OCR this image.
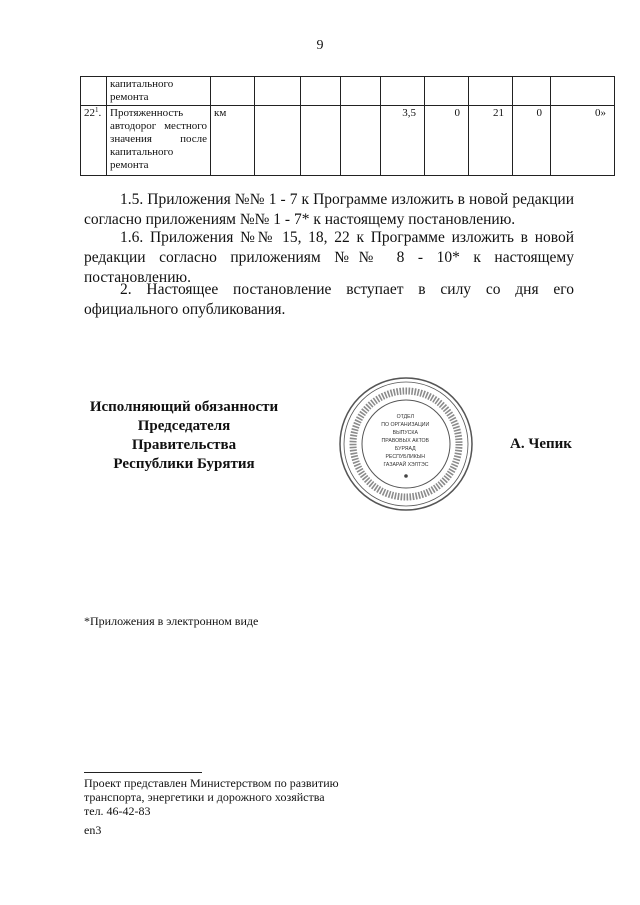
9
	капитального ремонта									
$22^1$.	Протяженность автодорог местного значения после капитального ремонта	км				3,5	0	21	0	0»
1.5. Приложения №№ 1 - 7 к Программе изложить в новой редакции согласно приложениям №№ 1 - 7* к настоящему постановлению.
1.6. Приложения №№ 15, 18, 22 к Программе изложить в новой редакции согласно приложениям №№ 8 - 10* к настоящему постановлению.
2. Настоящее постановление вступает в силу со дня его официального опубликования.
Исполняющий обязанности
Председателя Правительства
Республики Бурятия
ОТДЕЛ ПО ОРГАНИЗАЦИИ ВЫПУСКА ПРАВОВЫХ АКТОВ БУРЯАД РЕСПУБЛИКЫН ГАЗАРАЙ ХЭЛТЭС
А. Чепик
*Приложения в электронном виде
Проект представлен Министерством по развитию
транспорта, энергетики и дорожного хозяйства
тел. 46-42-83
en3
